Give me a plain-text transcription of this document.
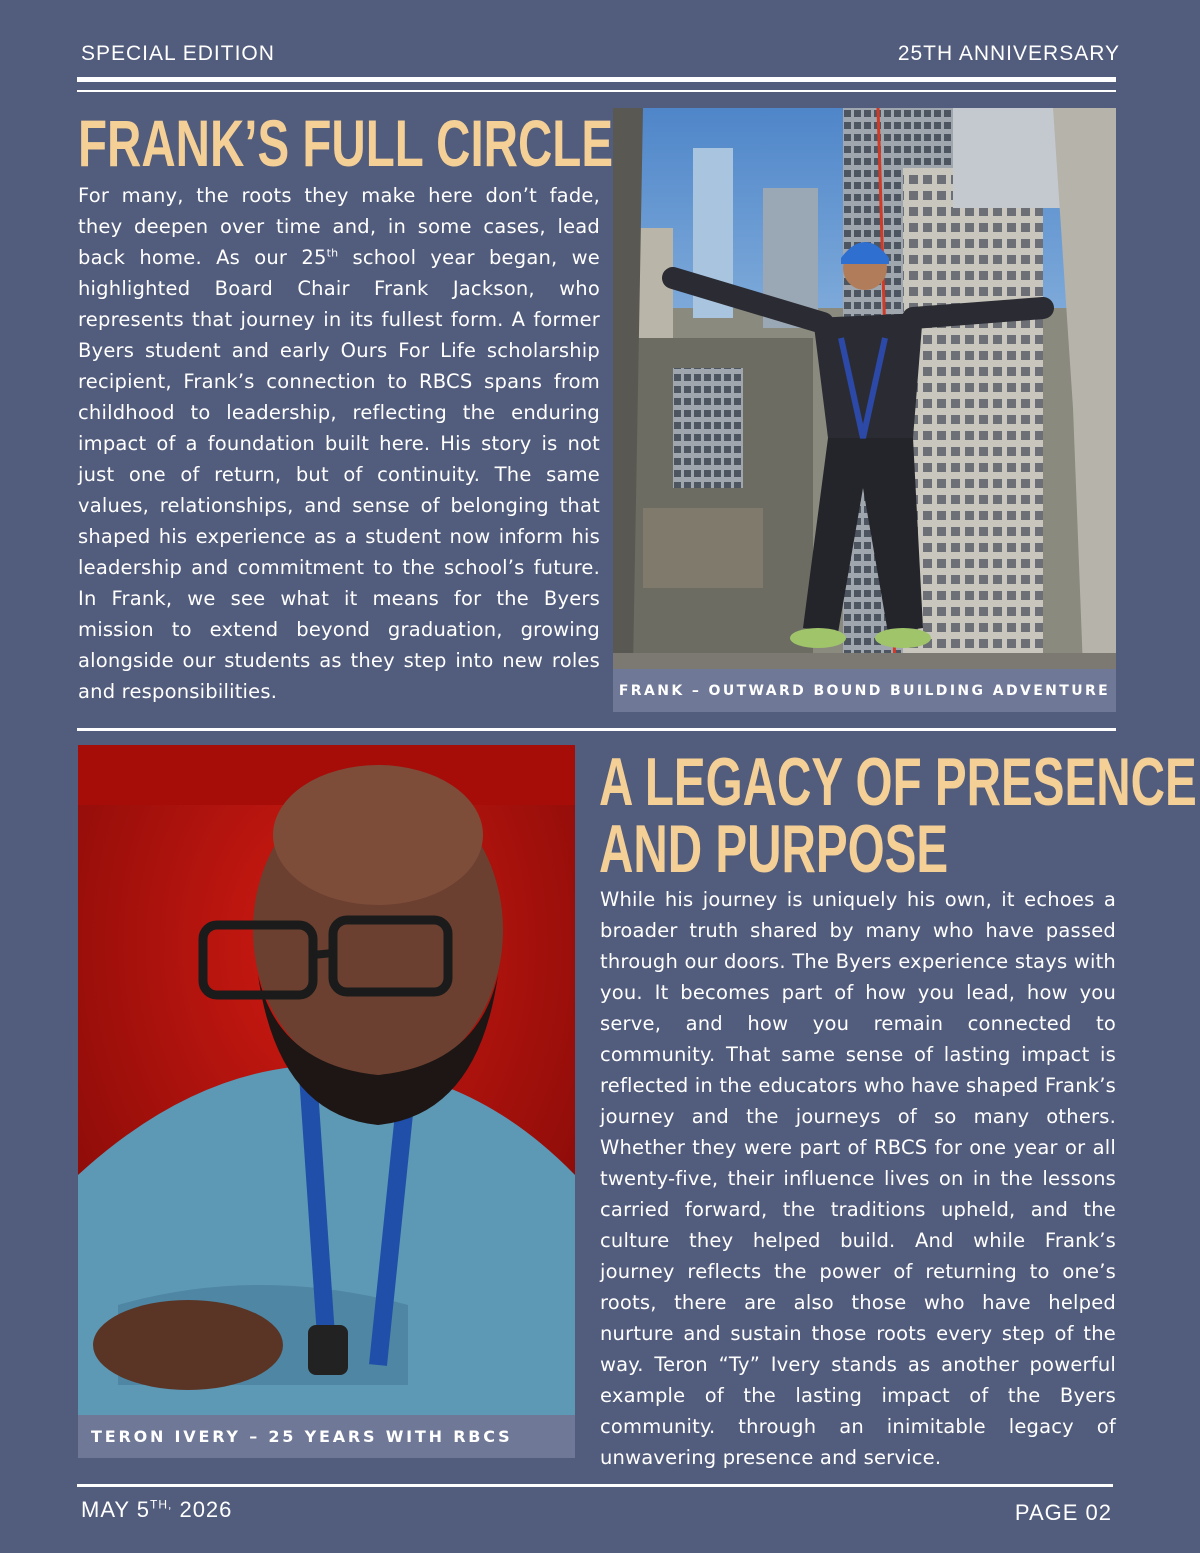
SPECIAL EDITION	25TH ANNIVERSARY
FRANK’S FULL CIRCLE
For many, the roots they make here don’t fade, they deepen over time and, in some cases, lead back home. As our 25th school year began, we highlighted Board Chair Frank Jackson, who represents that journey in its fullest form. A former Byers student and early Ours For Life scholarship recipient, Frank’s connection to RBCS spans from childhood to leadership, reflecting the enduring impact of a foundation built here. His story is not just one of return, but of continuity. The same values, relationships, and sense of belonging that shaped his experience as a student now inform his leadership and commitment to the school’s future. In Frank, we see what it means for the Byers mission to extend beyond graduation, growing alongside our students as they step into new roles and responsibilities.	FRANK – OUTWARD BOUND BUILDING ADVENTURE
TERON IVERY – 25 YEARS WITH RBCS
A LEGACY OF PRESENCE
AND PURPOSE
While his journey is uniquely his own, it echoes a broader truth shared by many who have passed through our doors. The Byers experience stays with you. It becomes part of how you lead, how you serve, and how you remain connected to community. That same sense of lasting impact is reflected in the educators who have shaped Frank’s journey and the journeys of so many others. Whether they were part of RBCS for one year or all twenty-five, their influence lives on in the lessons carried forward, the traditions upheld, and the culture they helped build. And while Frank’s journey reflects the power of returning to one’s roots, there are also those who have helped nurture and sustain those roots every step of the way. Teron “Ty” Ivery stands as another powerful example of the lasting impact of the Byers community. through an inimitable legacy of unwavering presence and service.
MAY $5^{TH,}$ 2026	PAGE 02
